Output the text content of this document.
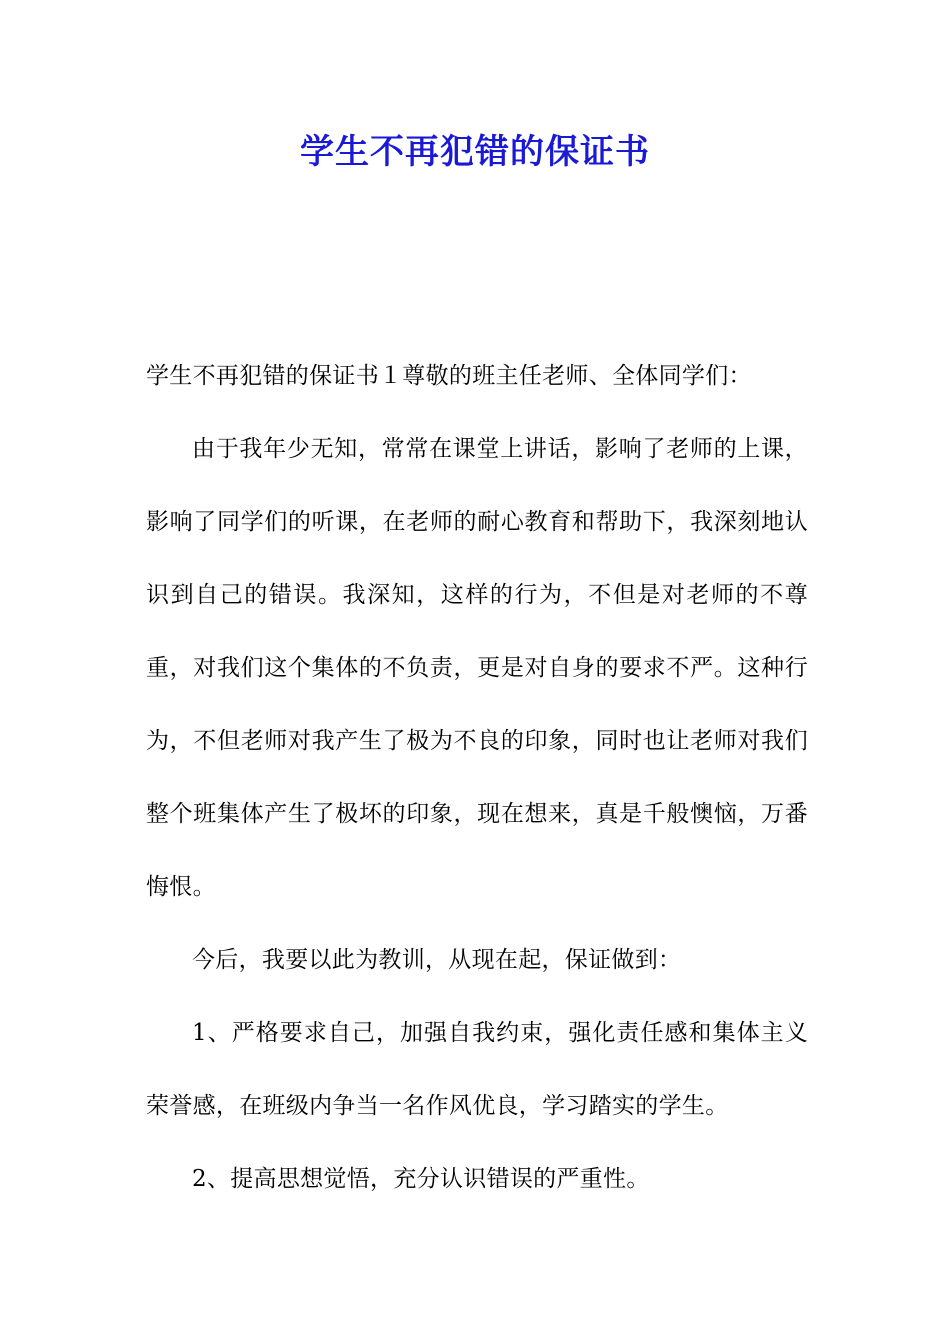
学生不再犯错的保证书

学生不再犯错的保证书１尊敬的班主任老师、全体同学们：

由于我年少无知，常常在课堂上讲话，影响了老师的上课，影响了同学们的听课，在老师的耐心教育和帮助下，我深刻地认识到自己的错误。我深知，这样的行为，不但是对老师的不尊重，对我们这个集体的不负责，更是对自身的要求不严。这种行为，不但老师对我产生了极为不良的印象，同时也让老师对我们整个班集体产生了极坏的印象，现在想来，真是千般懊恼，万番悔恨。

今后，我要以此为教训，从现在起，保证做到：

1、严格要求自己，加强自我约束，强化责任感和集体主义荣誉感，在班级内争当一名作风优良，学习踏实的学生。

2、提高思想觉悟，充分认识错误的严重性。
